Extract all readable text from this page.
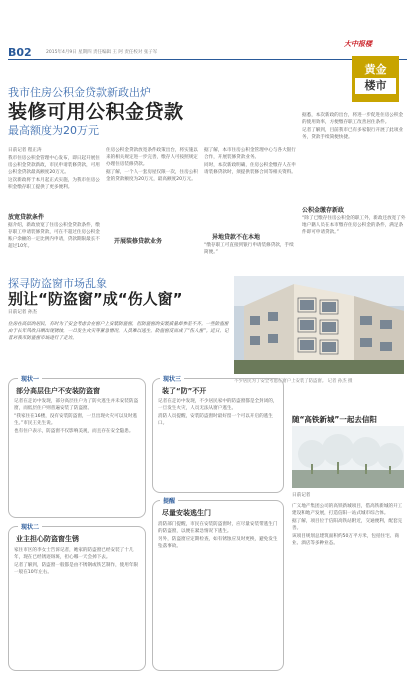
B02	2015年4月9日 星期四 责任编辑 王 阿 责任校对 张子军
大中报楼
黄金
楼市
我市住房公积金贷款新政出炉
装修可用公积金贷款
最高额度为20万元

日前记者 程正涛

我市住房公积金管理中心发布，即日起开展住房公积金贷款新政，市民申请装修贷款，可用公积金贷款最高额度20万元。

这次新政将于本月起正式实施，为我市住房公积金缴存职工提供了更多便利。

放宽贷款条件

据介绍，新政放宽了住房公积金贷款条件，缴存职工申请装修贷款，可在不超过住房公积金账户余额的一定比例内申请，贷款期限最长不超过10年。

住房公积金贷款放宽条件政策出台，将实施以来的相关规定进一步完善，缴存人可按照规定办理住房装修贷款。

据了解，一个人一套房屋仅限一次，住房公积金的贷款额度为20万元，最高额度20万元。

开展装修贷款业务

据了解，本市住房公积金管理中心与各大银行合作，开展装修贷款业务。

同时，本次新政明确，住房公积金缴存人在申请装修贷款时，须提供装修合同等相关资料。

异地贷款不在本地

“缴存职工可直接到银行申请装修贷款，手续简便。”

据悉，本次新政的出台，将进一步促进住房公积金的使用效率，方便缴存职工改善居住条件。

记者了解到，目前我市已有多家银行开展了此项业务，贷款手续简便快捷。

公积金缴存新政

“除了已缴存住房公积金的职工外，新政还放宽了外地户籍人员在本市缴存住房公积金的条件，满足条件即可申请贷款。”

探寻防盗窗市场乱象
别让“防盗窗”成“伤人窗”
日前记者 孙杰
住房在高层的居民，有时为了安全考虑会在窗户上安装防盗窗，但防盗窗的安装质量却参差不齐。一些防盗窗由于长年风吹日晒出现锈蚀，一旦发生火灾等紧急情况，人员难以逃生，防盗窗反而成了“伤人窗”。近日，记者对我市防盗窗市场进行了走访。
不少居民为了安全考虑在窗户上安装了防盗窗。 记者 孙杰 摄
现状一
部分高层住户不安装防盗窗

记者在走访中发现，部分高层住户为了防火逃生并未安装防盗窗，而低层住户则普遍安装了防盗窗。

“我家住在16楼，没有安装防盗窗，一旦出现火灾可以及时逃生。”市民王先生说。

也有住户表示，防盗窗不仅影响美观，而且存在安全隐患。

现状三
装了“防”不开

记者在走访中发现，不少居民家中的防盗窗都是全封闭的，一旦发生火灾，人员无法从窗户逃生。

消防人员提醒，安装防盗窗时最好留一个可以开启的逃生口。

现状二
业主担心防盗窗生锈

家住市区的李女士告诉记者，她家的防盗窗已经安装了十几年，现在已经锈迹斑斑，担心哪一天会掉下去。

记者了解到，防盗窗一般都是由不锈钢或铁艺制作，使用年限一般在10年左右。

提醒
尽量安装逃生门

消防部门提醒，市民在安装防盗窗时，应尽量安装带逃生门的防盗窗，以便在紧急情况下逃生。

另外，防盗窗应定期检查，如有锈蚀应及时更换，避免发生坠落事故。

随“高铁新城”一起去信阳
日前记者

广义地产集团公司的高铁新城项目，借高铁新城的开工建设和地产发展，打造信阳一站式城市综合体。

据了解，项目位于信阳高铁站附近，交通便利，配套完善。

该项目规划总建筑面积约50万平方米，包括住宅、商业、酒店等多种业态。
